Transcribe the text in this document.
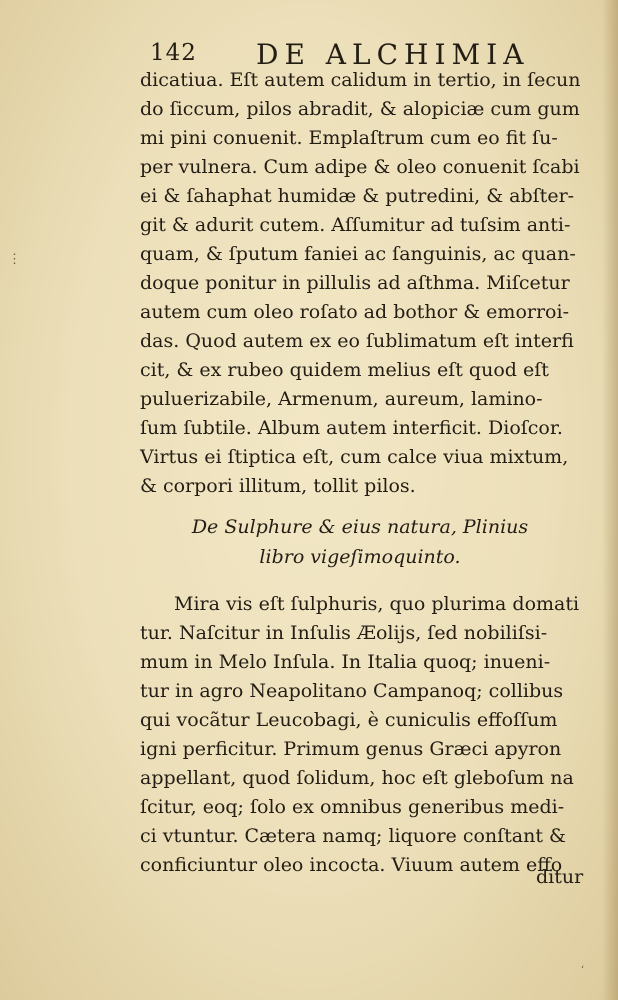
142 DE ALCHIMIA
dicatiua. Eſt autem calidum in tertio, in ſecun
do ſiccum, pilos abradit, & alopiciæ cum gum
mi pini conuenit. Emplaſtrum cum eo fit ſu-
per vulnera. Cum adipe & oleo conuenit ſcabi
ei & ſahaphat humidæ & putredini, & abſter-
git & adurit cutem. Aſſumitur ad tuſsim anti-
quam, & ſputum faniei ac ſanguinis, ac quan-
doque ponitur in pillulis ad aſthma. Miſcetur
autem cum oleo roſato ad bothor & emorroi-
das. Quod autem ex eo ſublimatum eſt interfi
cit, & ex rubeo quidem melius eſt quod eſt
puluerizabile, Armenum, aureum, lamino-
ſum ſubtile. Album autem interficit. Dioſcor.
Virtus ei ſtiptica eſt, cum calce viua mixtum,
& corpori illitum, tollit pilos.
De Sulphure & eius natura, Plinius
libro vigeſimoquinto.
Mira vis eſt ſulphuris, quo plurima domati
tur. Naſcitur in Inſulis Æolijs, ſed nobiliſsi-
mum in Melo Inſula. In Italia quoq; inueni-
tur in agro Neapolitano Campanoq; collibus
qui vocãtur Leucobagi, è cuniculis effoſſum
igni perficitur. Primum genus Græci apyron
appellant, quod ſolidum, hoc eſt gleboſum na
ſcitur, eoq; ſolo ex omnibus generibus medi-
ci vtuntur. Cætera namq; liquore conſtant &
conficiuntur oleo incocta. Viuum autem effo
ditur
⋮
‘
